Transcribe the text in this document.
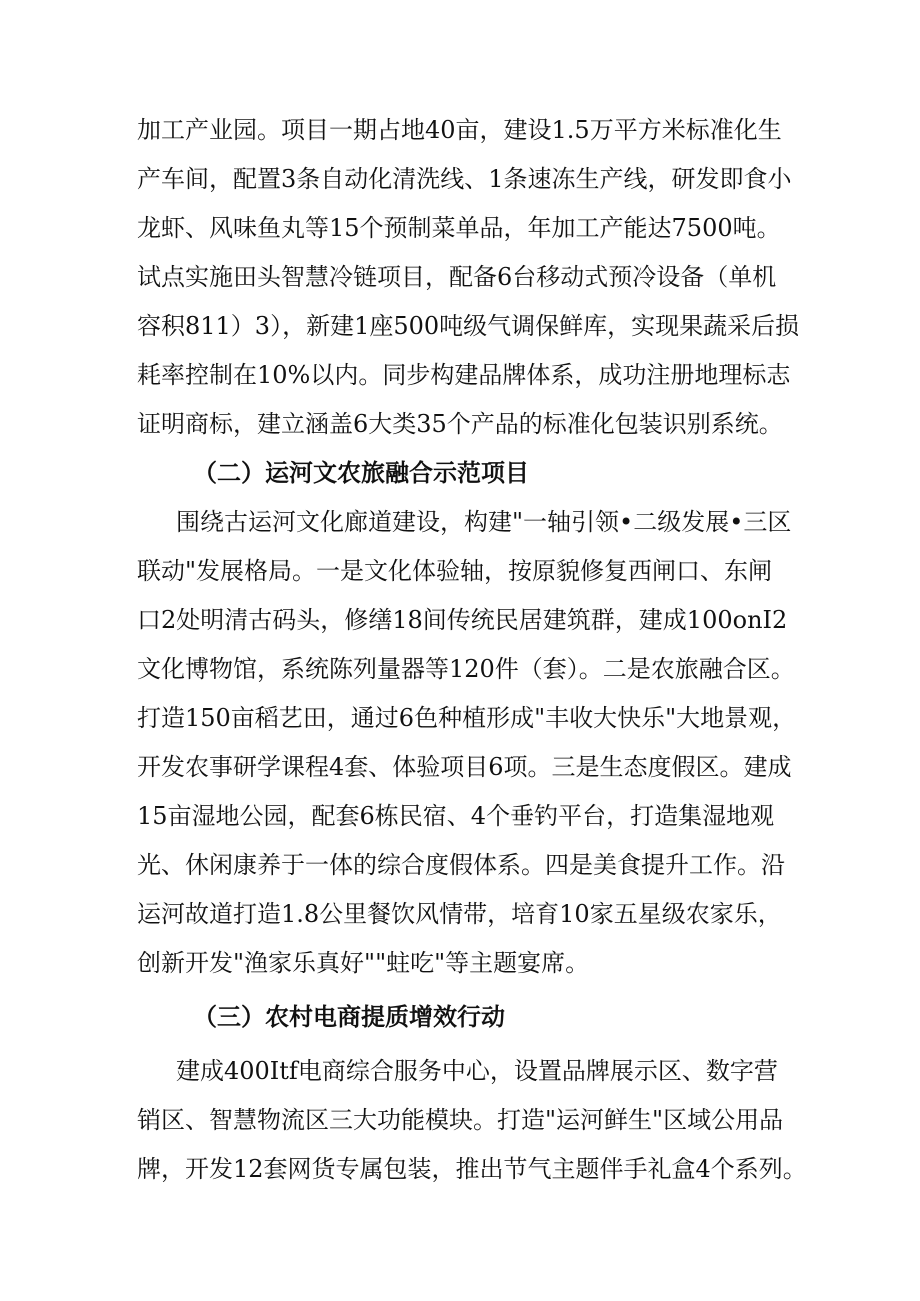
加工产业园。项目一期占地40亩，建设1.5万平方米标准化生
产车间，配置3条自动化清洗线、1条速冻生产线，研发即食小
龙虾、风味鱼丸等15个预制菜单品，年加工产能达7500吨。
试点实施田头智慧冷链项目，配备6台移动式预冷设备（单机
容积811）3），新建1座500吨级气调保鲜库，实现果蔬采后损
耗率控制在10%以内。同步构建品牌体系，成功注册地理标志
证明商标，建立涵盖6大类35个产品的标准化包装识别系统。
（二）运河文农旅融合示范项目
围绕古运河文化廊道建设，构建"一轴引领•二级发展•三区
联动"发展格局。一是文化体验轴，按原貌修复西闸口、东闸
口2处明清古码头，修缮18间传统民居建筑群，建成100onI2
文化博物馆，系统陈列量器等120件（套）。二是农旅融合区。
打造150亩稻艺田，通过6色种植形成"丰收大快乐"大地景观，
开发农事研学课程4套、体验项目6项。三是生态度假区。建成
15亩湿地公园，配套6栋民宿、4个垂钓平台，打造集湿地观
光、休闲康养于一体的综合度假体系。四是美食提升工作。沿
运河故道打造1.8公里餐饮风情带，培育10家五星级农家乐，
创新开发"渔家乐真好""蛀吃"等主题宴席。
（三）农村电商提质增效行动
建成400Itf电商综合服务中心，设置品牌展示区、数字营
销区、智慧物流区三大功能模块。打造"运河鲜生"区域公用品
牌，开发12套网货专属包装，推出节气主题伴手礼盒4个系列。
